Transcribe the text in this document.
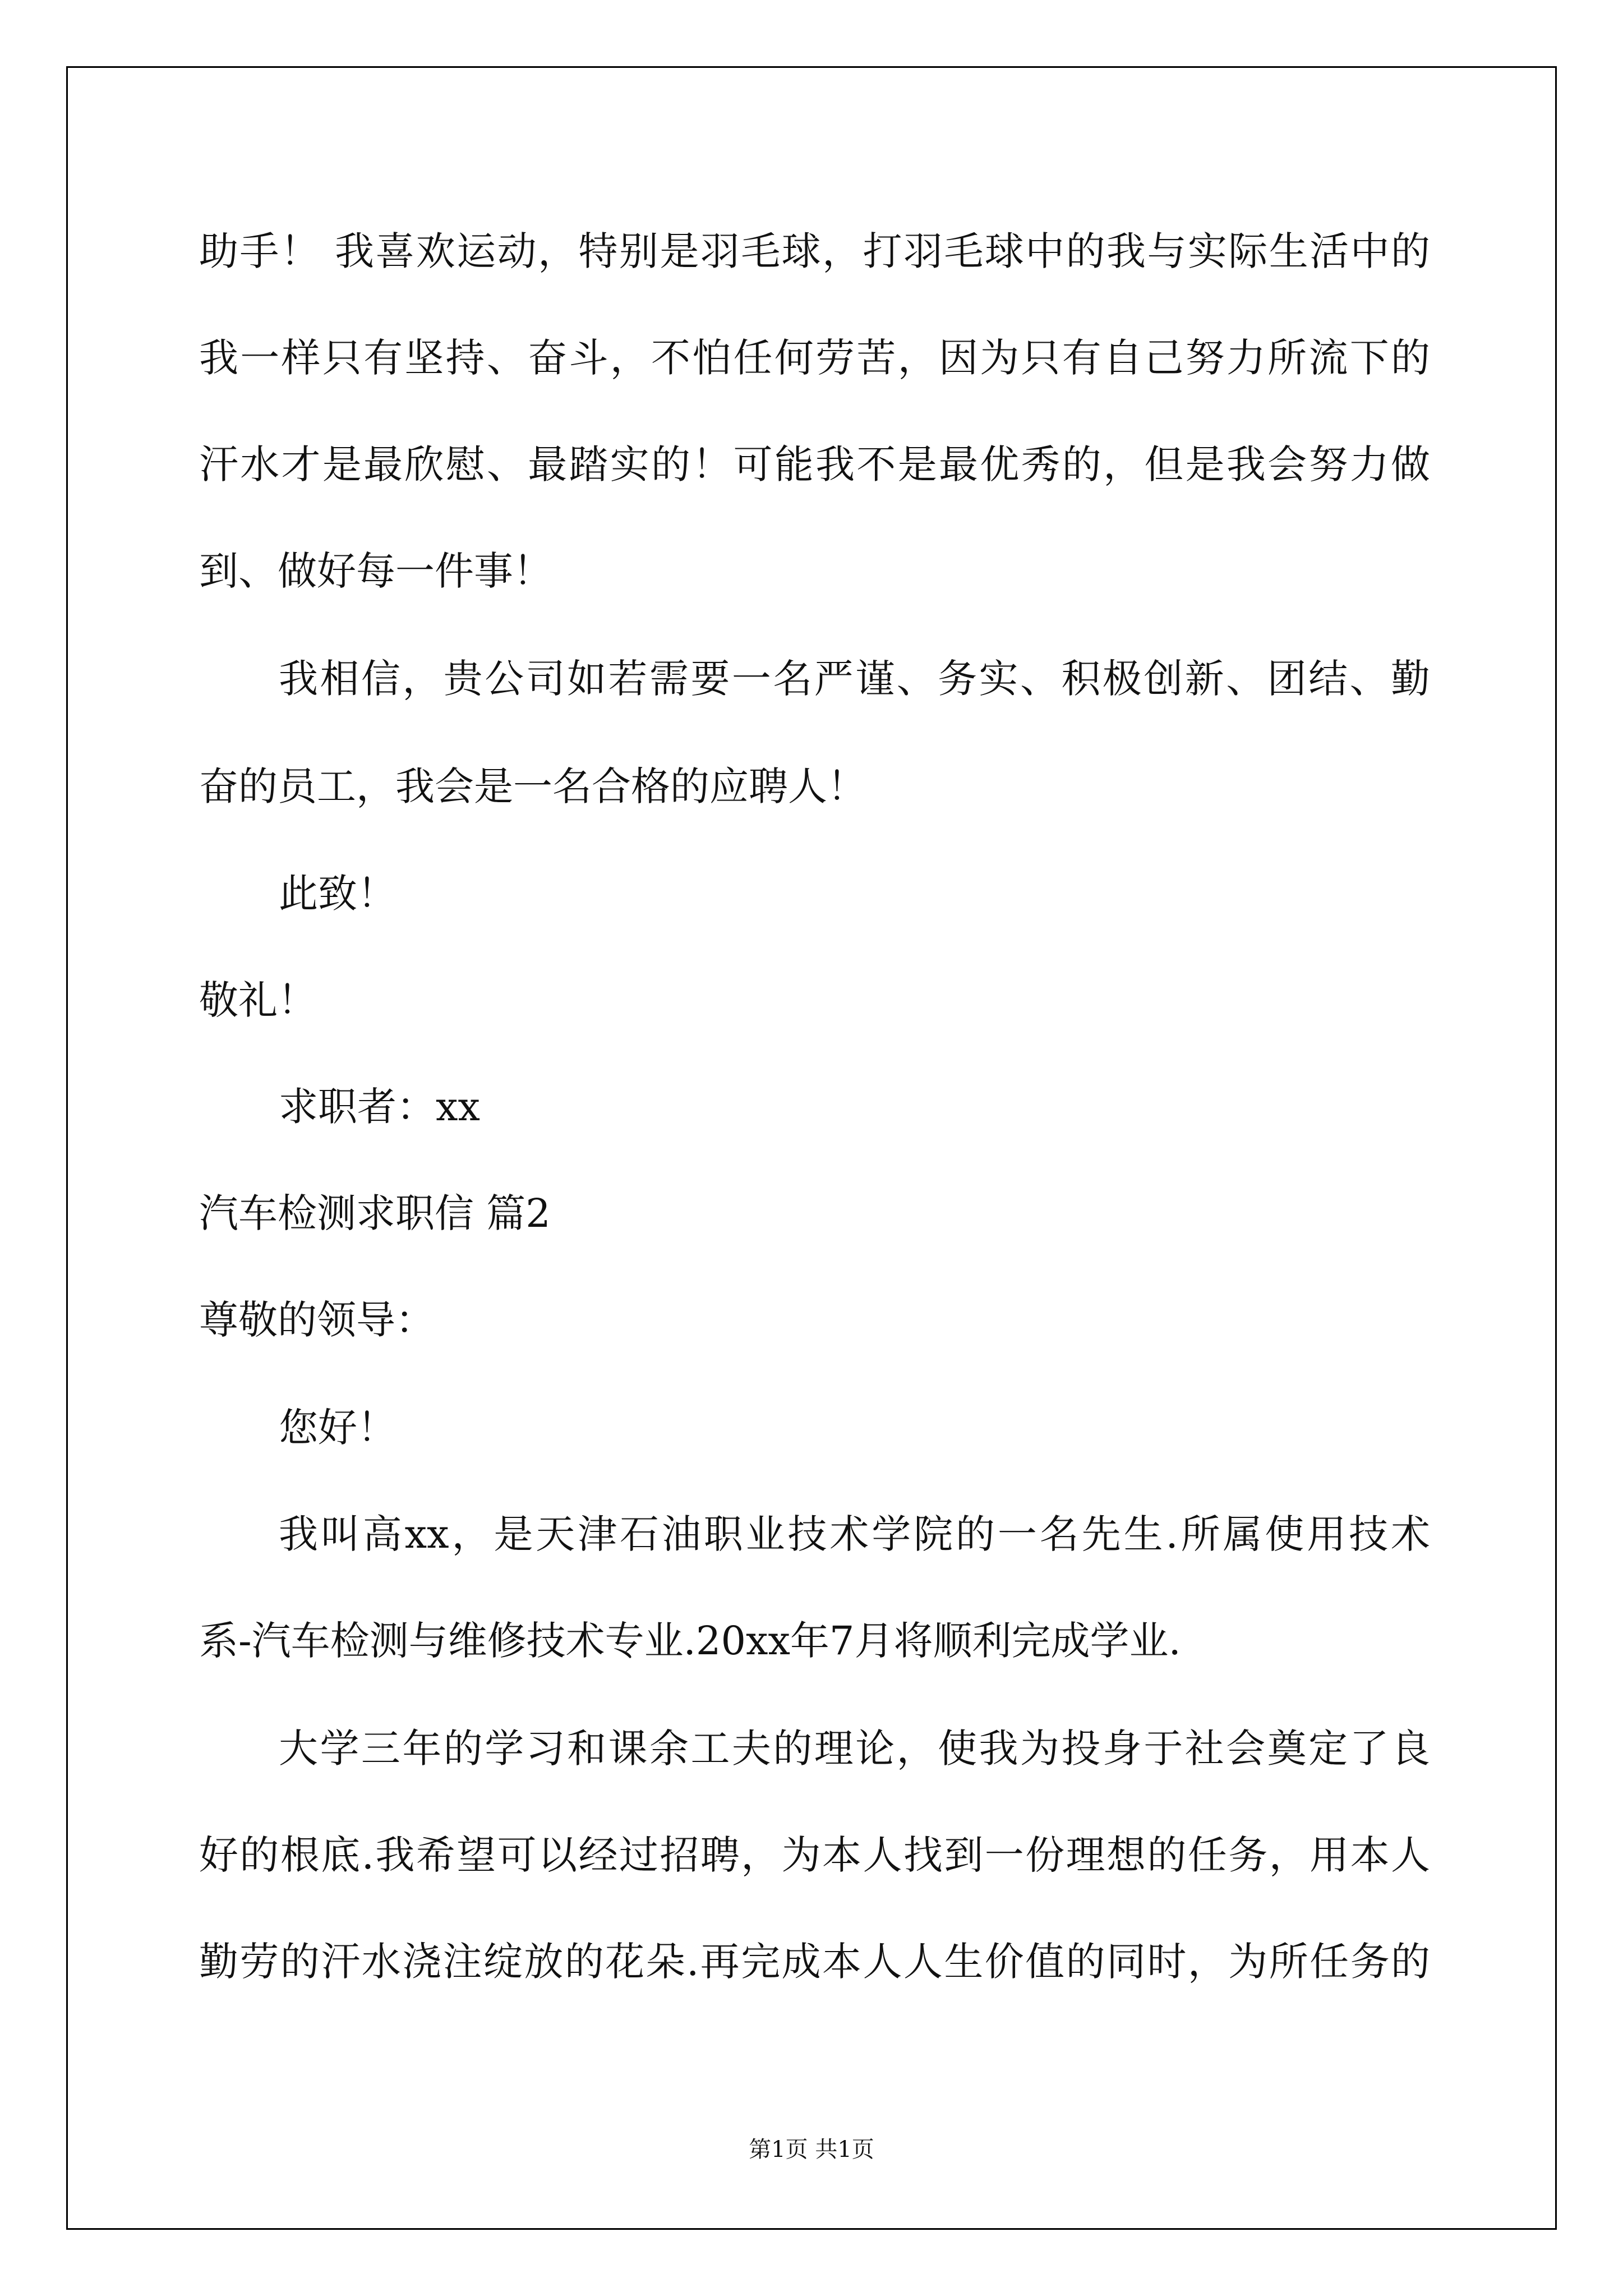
助手！ 我喜欢运动，特别是羽毛球，打羽毛球中的我与实际生活中的
我一样只有坚持、奋斗，不怕任何劳苦，因为只有自己努力所流下的
汗水才是最欣慰、最踏实的！可能我不是最优秀的，但是我会努力做
到、做好每一件事！
我相信，贵公司如若需要一名严谨、务实、积极创新、团结、勤
奋的员工，我会是一名合格的应聘人！
此致！
敬礼！
求职者：xx
汽车检测求职信 篇2
尊敬的领导：
您好！
我叫高xx，是天津石油职业技术学院的一名先生.所属使用技术
系-汽车检测与维修技术专业.20xx年7月将顺利完成学业.
大学三年的学习和课余工夫的理论，使我为投身于社会奠定了良
好的根底.我希望可以经过招聘，为本人找到一份理想的任务，用本人
勤劳的汗水浇注绽放的花朵.再完成本人人生价值的同时，为所任务的
第1页 共1页
